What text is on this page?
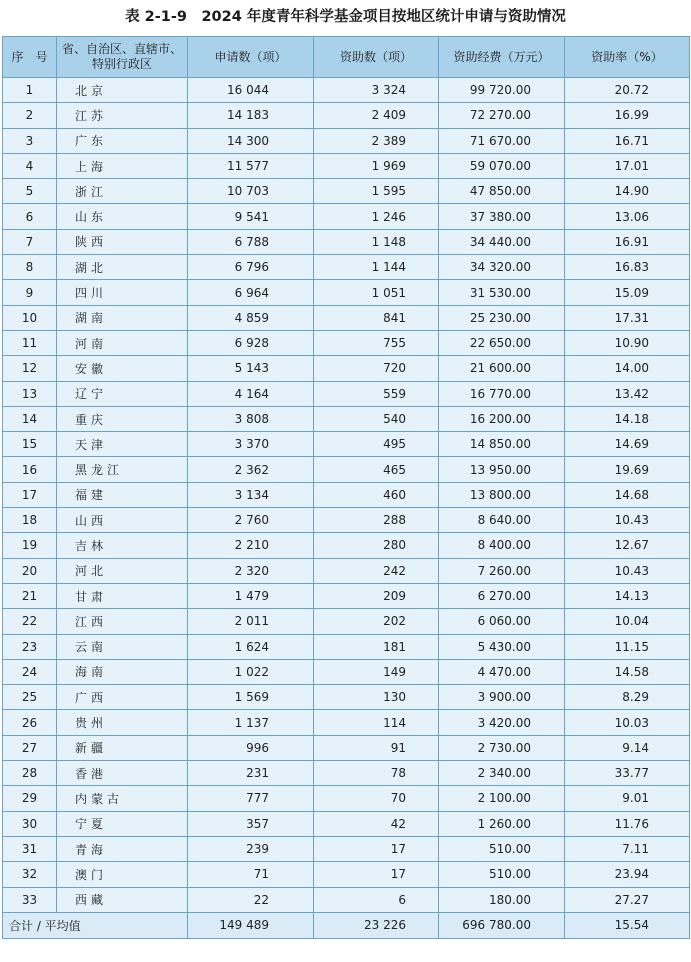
表 2-1-9　2024 年度青年科学基金项目按地区统计申请与资助情况
序　号	省、自治区、直辖市、
特别行政区	申请数（项）	资助数（项）	资助经费（万元）	资助率（%）
1	北京	16 044	3 324	99 720.00	20.72
2	江苏	14 183	2 409	72 270.00	16.99
3	广东	14 300	2 389	71 670.00	16.71
4	上海	11 577	1 969	59 070.00	17.01
5	浙江	10 703	1 595	47 850.00	14.90
6	山东	9 541	1 246	37 380.00	13.06
7	陕西	6 788	1 148	34 440.00	16.91
8	湖北	6 796	1 144	34 320.00	16.83
9	四川	6 964	1 051	31 530.00	15.09
10	湖南	4 859	841	25 230.00	17.31
11	河南	6 928	755	22 650.00	10.90
12	安徽	5 143	720	21 600.00	14.00
13	辽宁	4 164	559	16 770.00	13.42
14	重庆	3 808	540	16 200.00	14.18
15	天津	3 370	495	14 850.00	14.69
16	黑龙江	2 362	465	13 950.00	19.69
17	福建	3 134	460	13 800.00	14.68
18	山西	2 760	288	8 640.00	10.43
19	吉林	2 210	280	8 400.00	12.67
20	河北	2 320	242	7 260.00	10.43
21	甘肃	1 479	209	6 270.00	14.13
22	江西	2 011	202	6 060.00	10.04
23	云南	1 624	181	5 430.00	11.15
24	海南	1 022	149	4 470.00	14.58
25	广西	1 569	130	3 900.00	8.29
26	贵州	1 137	114	3 420.00	10.03
27	新疆	996	91	2 730.00	9.14
28	香港	231	78	2 340.00	33.77
29	内蒙古	777	70	2 100.00	9.01
30	宁夏	357	42	1 260.00	11.76
31	青海	239	17	510.00	7.11
32	澳门	71	17	510.00	23.94
33	西藏	22	6	180.00	27.27
合计 / 平均值		149 489	23 226	696 780.00	15.54
